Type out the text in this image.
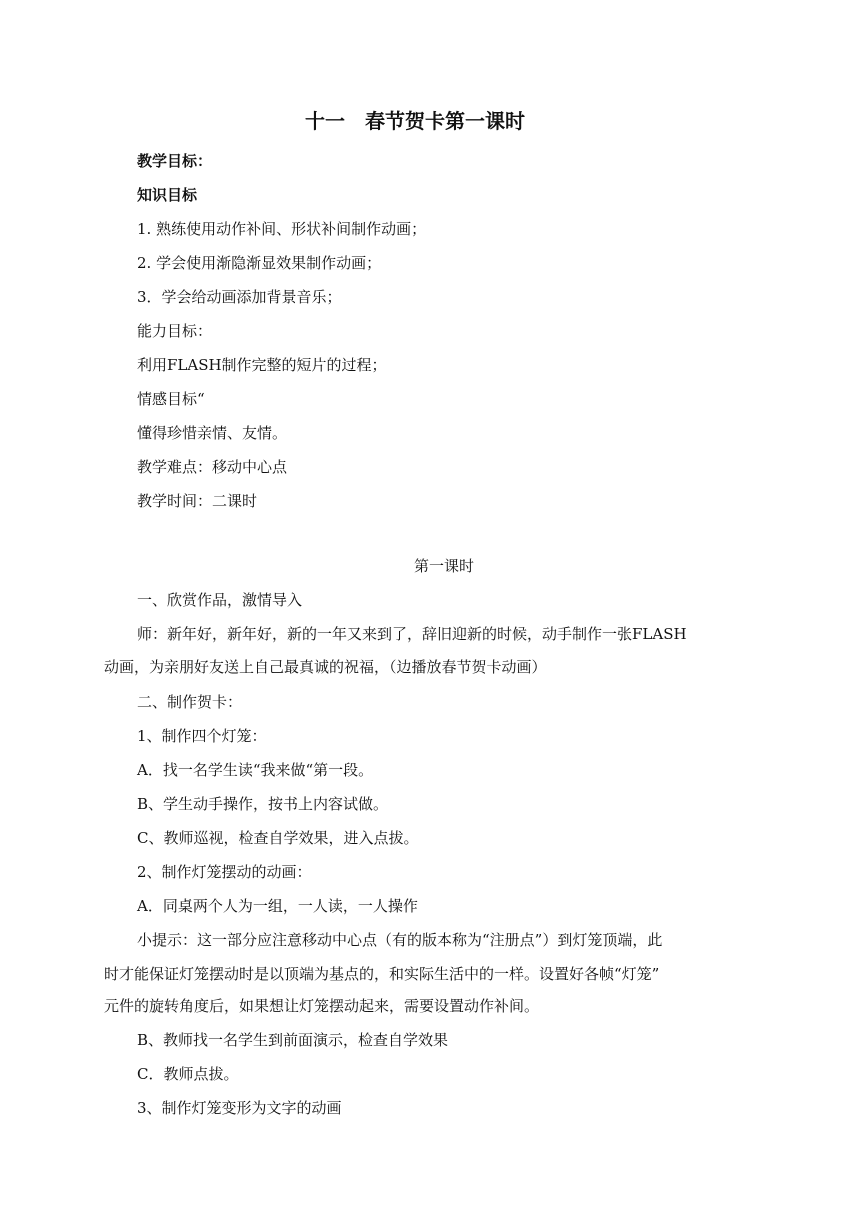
十一　春节贺卡第一课时

教学目标：

知识目标

1. 熟练使用动作补间、形状补间制作动画；

2. 学会使用渐隐渐显效果制作动画；

3．学会给动画添加背景音乐；

能力目标：

利用FLASH制作完整的短片的过程；

情感目标“

懂得珍惜亲情、友情。

教学难点：移动中心点

教学时间：二课时

第一课时

一、欣赏作品，激情导入

师：新年好，新年好，新的一年又来到了，辞旧迎新的时候，动手制作一张FLASH

动画，为亲朋好友送上自己最真诚的祝福，（边播放春节贺卡动画）

二、制作贺卡：

1、制作四个灯笼：

A．找一名学生读“我来做“第一段。

B、学生动手操作，按书上内容试做。

C、教师巡视，检查自学效果，进入点拔。

2、制作灯笼摆动的动画：

A．同桌两个人为一组，一人读，一人操作

小提示：这一部分应注意移动中心点（有的版本称为“注册点”）到灯笼顶端，此

时才能保证灯笼摆动时是以顶端为基点的，和实际生活中的一样。设置好各帧“灯笼”

元件的旋转角度后，如果想让灯笼摆动起来，需要设置动作补间。

B、教师找一名学生到前面演示，检查自学效果

C．教师点拔。

3、制作灯笼变形为文字的动画
